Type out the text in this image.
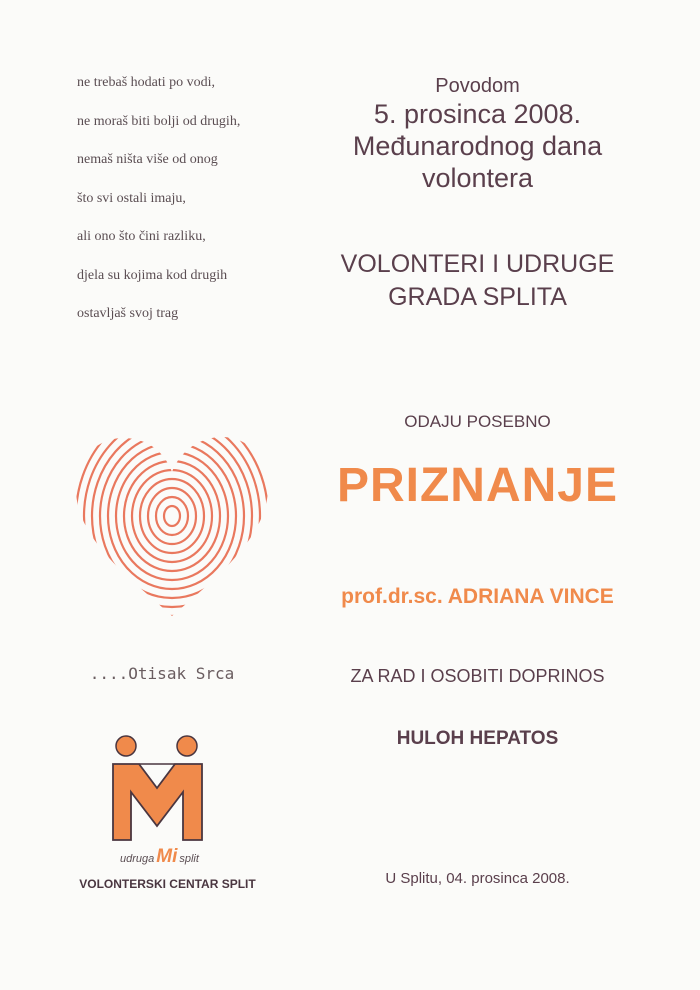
ne trebaš hodati po vodi,
ne moraš biti bolji od drugih,
nemaš ništa više od onog
što svi ostali imaju,
ali ono što čini razliku,
djela su kojima kod drugih
ostavljaš svoj trag
Povodom
5. prosinca 2008.
Međunarodnog dana
volontera
VOLONTERI I UDRUGE
GRADA SPLITA
ODAJU POSEBNO
PRIZNANJE
prof.dr.sc. ADRIANA VINCE
ZA RAD I OSOBITI DOPRINOS
HULOH HEPATOS
U Splitu, 04. prosinca 2008.
....Otisak Srca
udruga Mi split
VOLONTERSKI CENTAR SPLIT
